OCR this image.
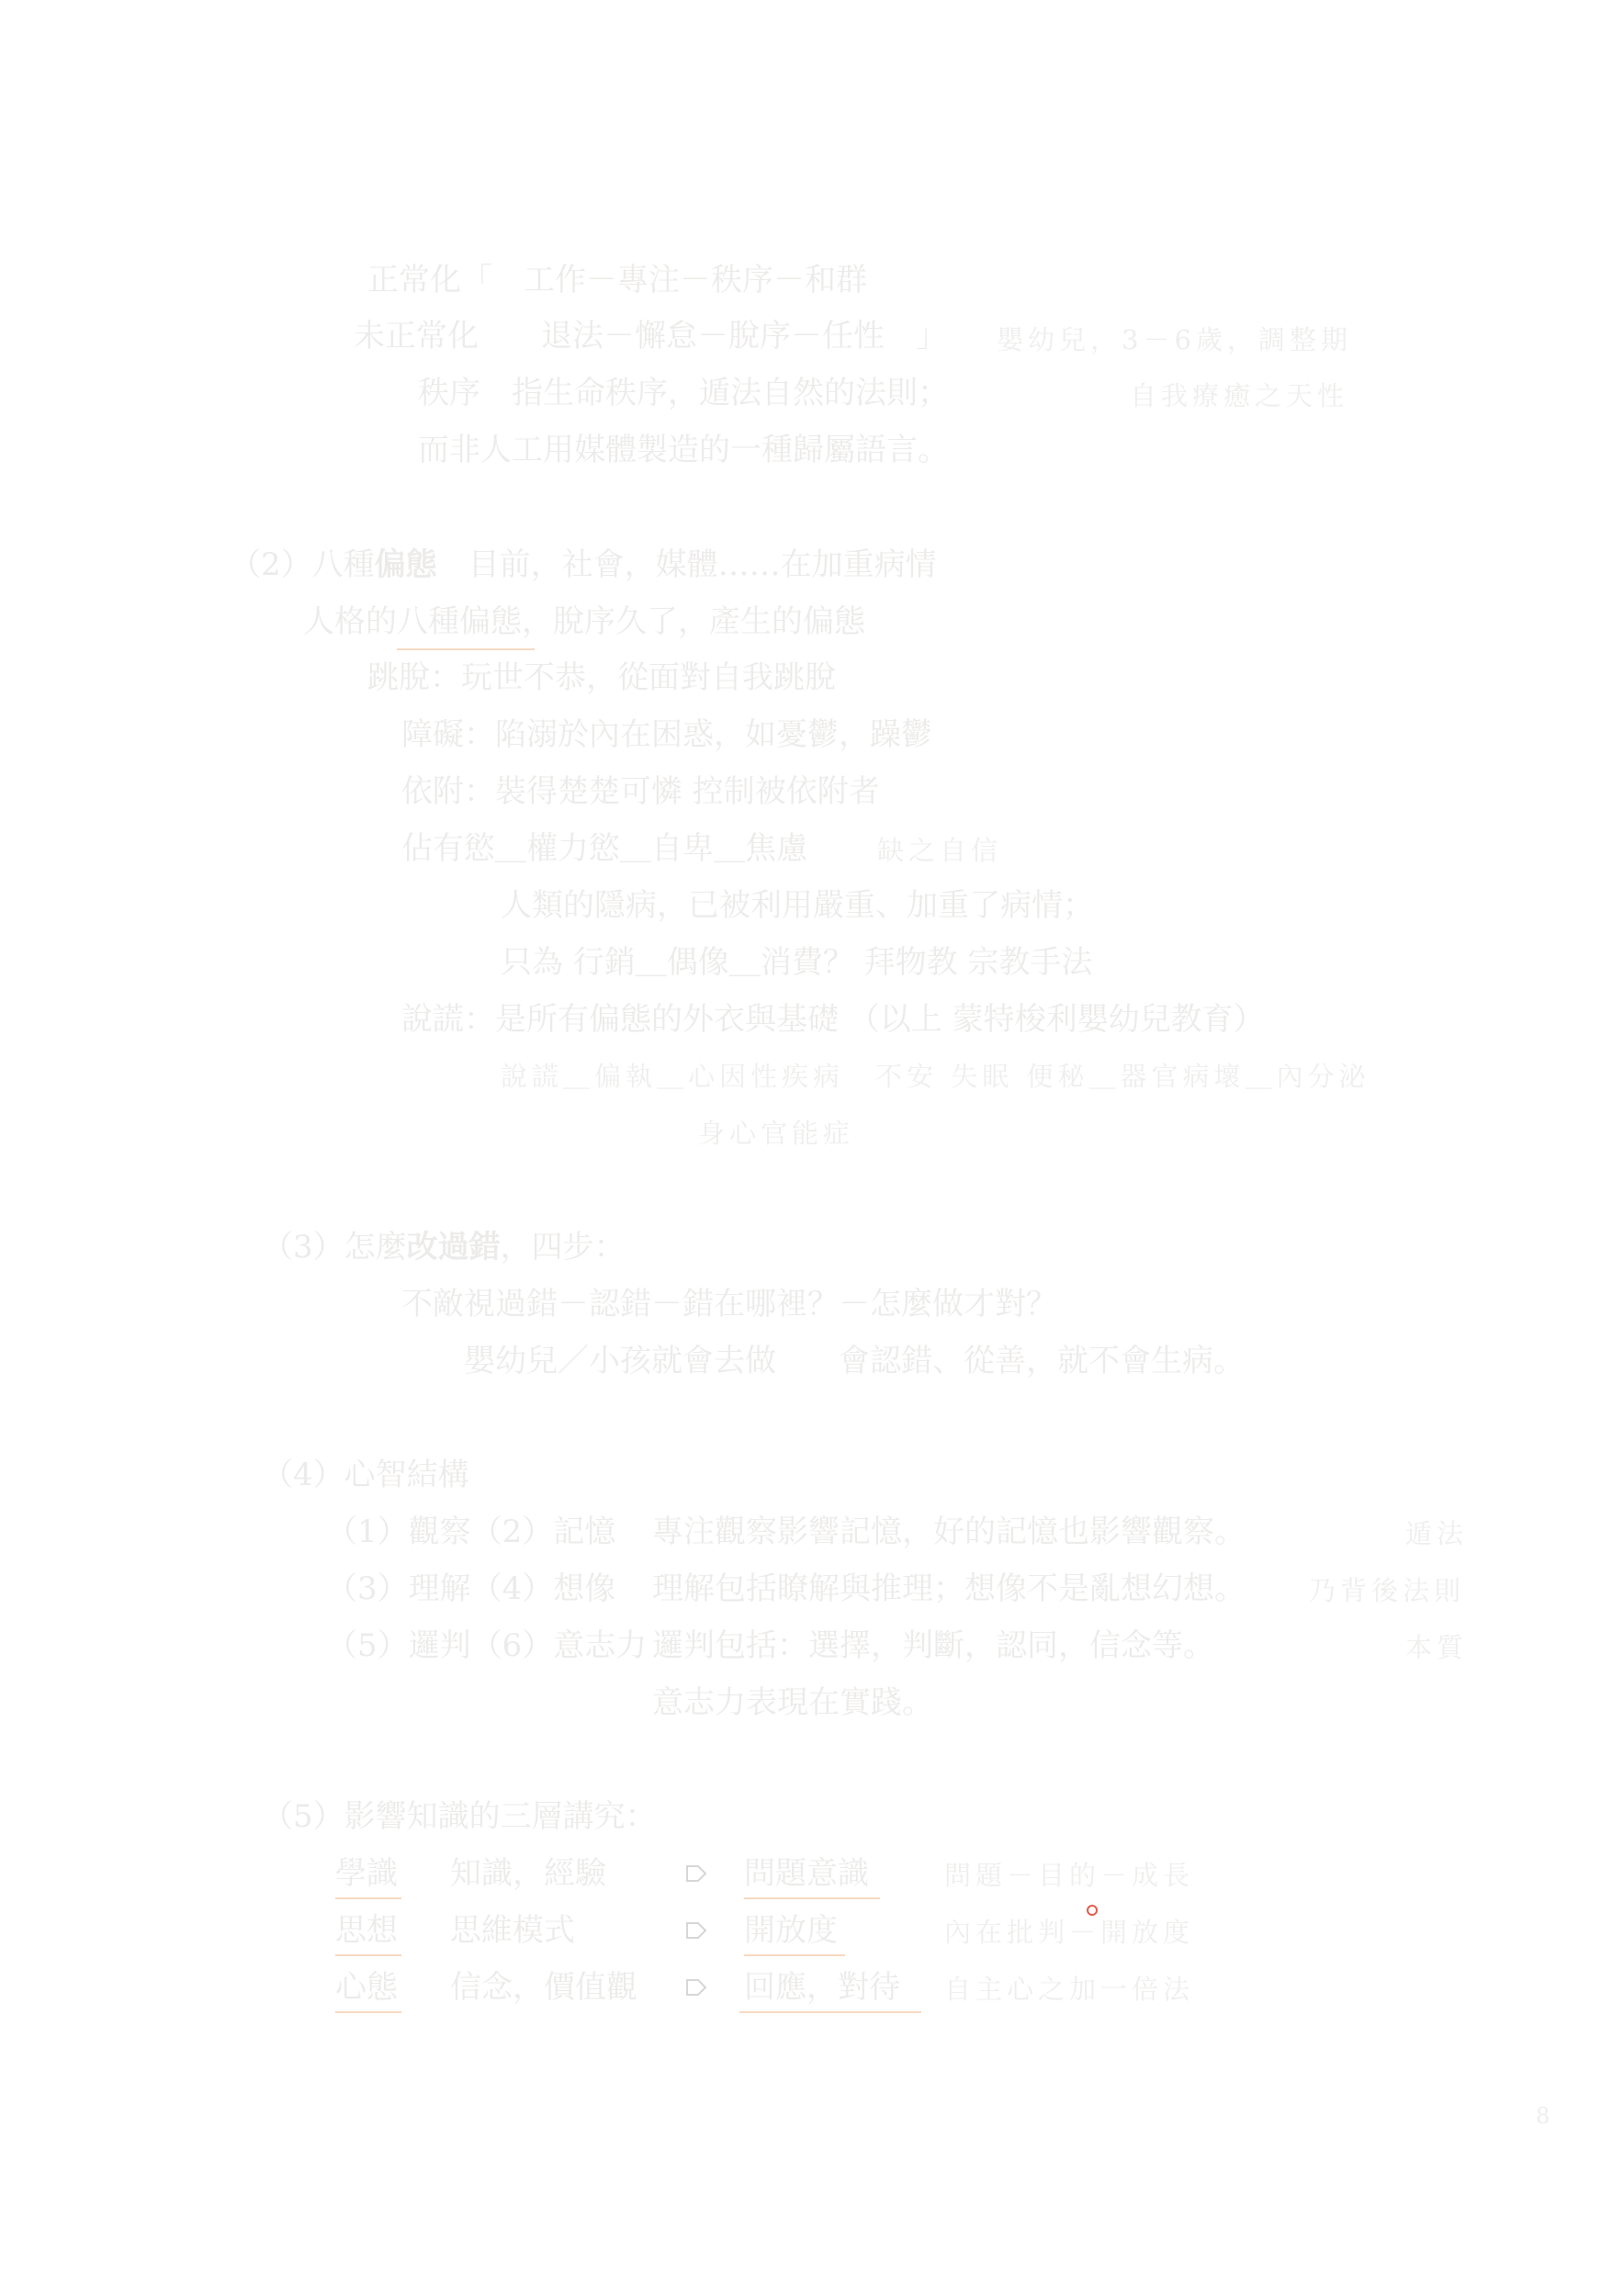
正常化「　工作－專注－秩序－和群
未正常化　　退法－懈怠－脫序－任性　」 嬰幼兒，3－6歲，調整期
秩序　指生命秩序，遁法自然的法則；	自我療癒之天性
而非人工用媒體製造的一種歸屬語言。
（2）八種偏態　目前，社會，媒體……在加重病情
人格的八種偏態，脫序久了，產生的偏態
跳脫：玩世不恭，從面對自我跳脫
障礙：陷溺於內在困惑，如憂鬱，躁鬱
依附：裝得楚楚可憐 控制被依附者
佔有慾＿權力慾＿自卑＿焦慮	缺之自信
人類的隱病，已被利用嚴重、加重了病情；
只為 行銷＿偶像＿消費？ 拜物教 宗教手法
說謊：是所有偏態的外衣與基礎 （以上 蒙特梭利嬰幼兒教育）
說謊＿偏執＿心因性疾病　不安 失眠 便秘＿器官病壞＿內分泌
身心官能症
（3）怎麼改過錯，四步：
不敵視過錯－認錯－錯在哪裡？－怎麼做才對？
嬰幼兒／小孩就會去做　　會認錯、從善，就不會生病。
（4）心智結構
（1）觀察（2）記憶 專注觀察影響記憶，好的記憶也影響觀察。	遁法
（3）理解（4）想像 理解包括瞭解與推理；想像不是亂想幻想。 乃背後法則
（5）邏判（6）意志力 邏判包括：選擇，判斷，認同，信念等。	本質
意志力表現在實踐。
（5）影響知識的三層講究：
學識 知識，經驗	問題意識	問題－目的－成長
思想 思維模式	開放度	內在批判－開放度
心態 信念，價值觀	回應，對待 自主心之加一倍法
8
